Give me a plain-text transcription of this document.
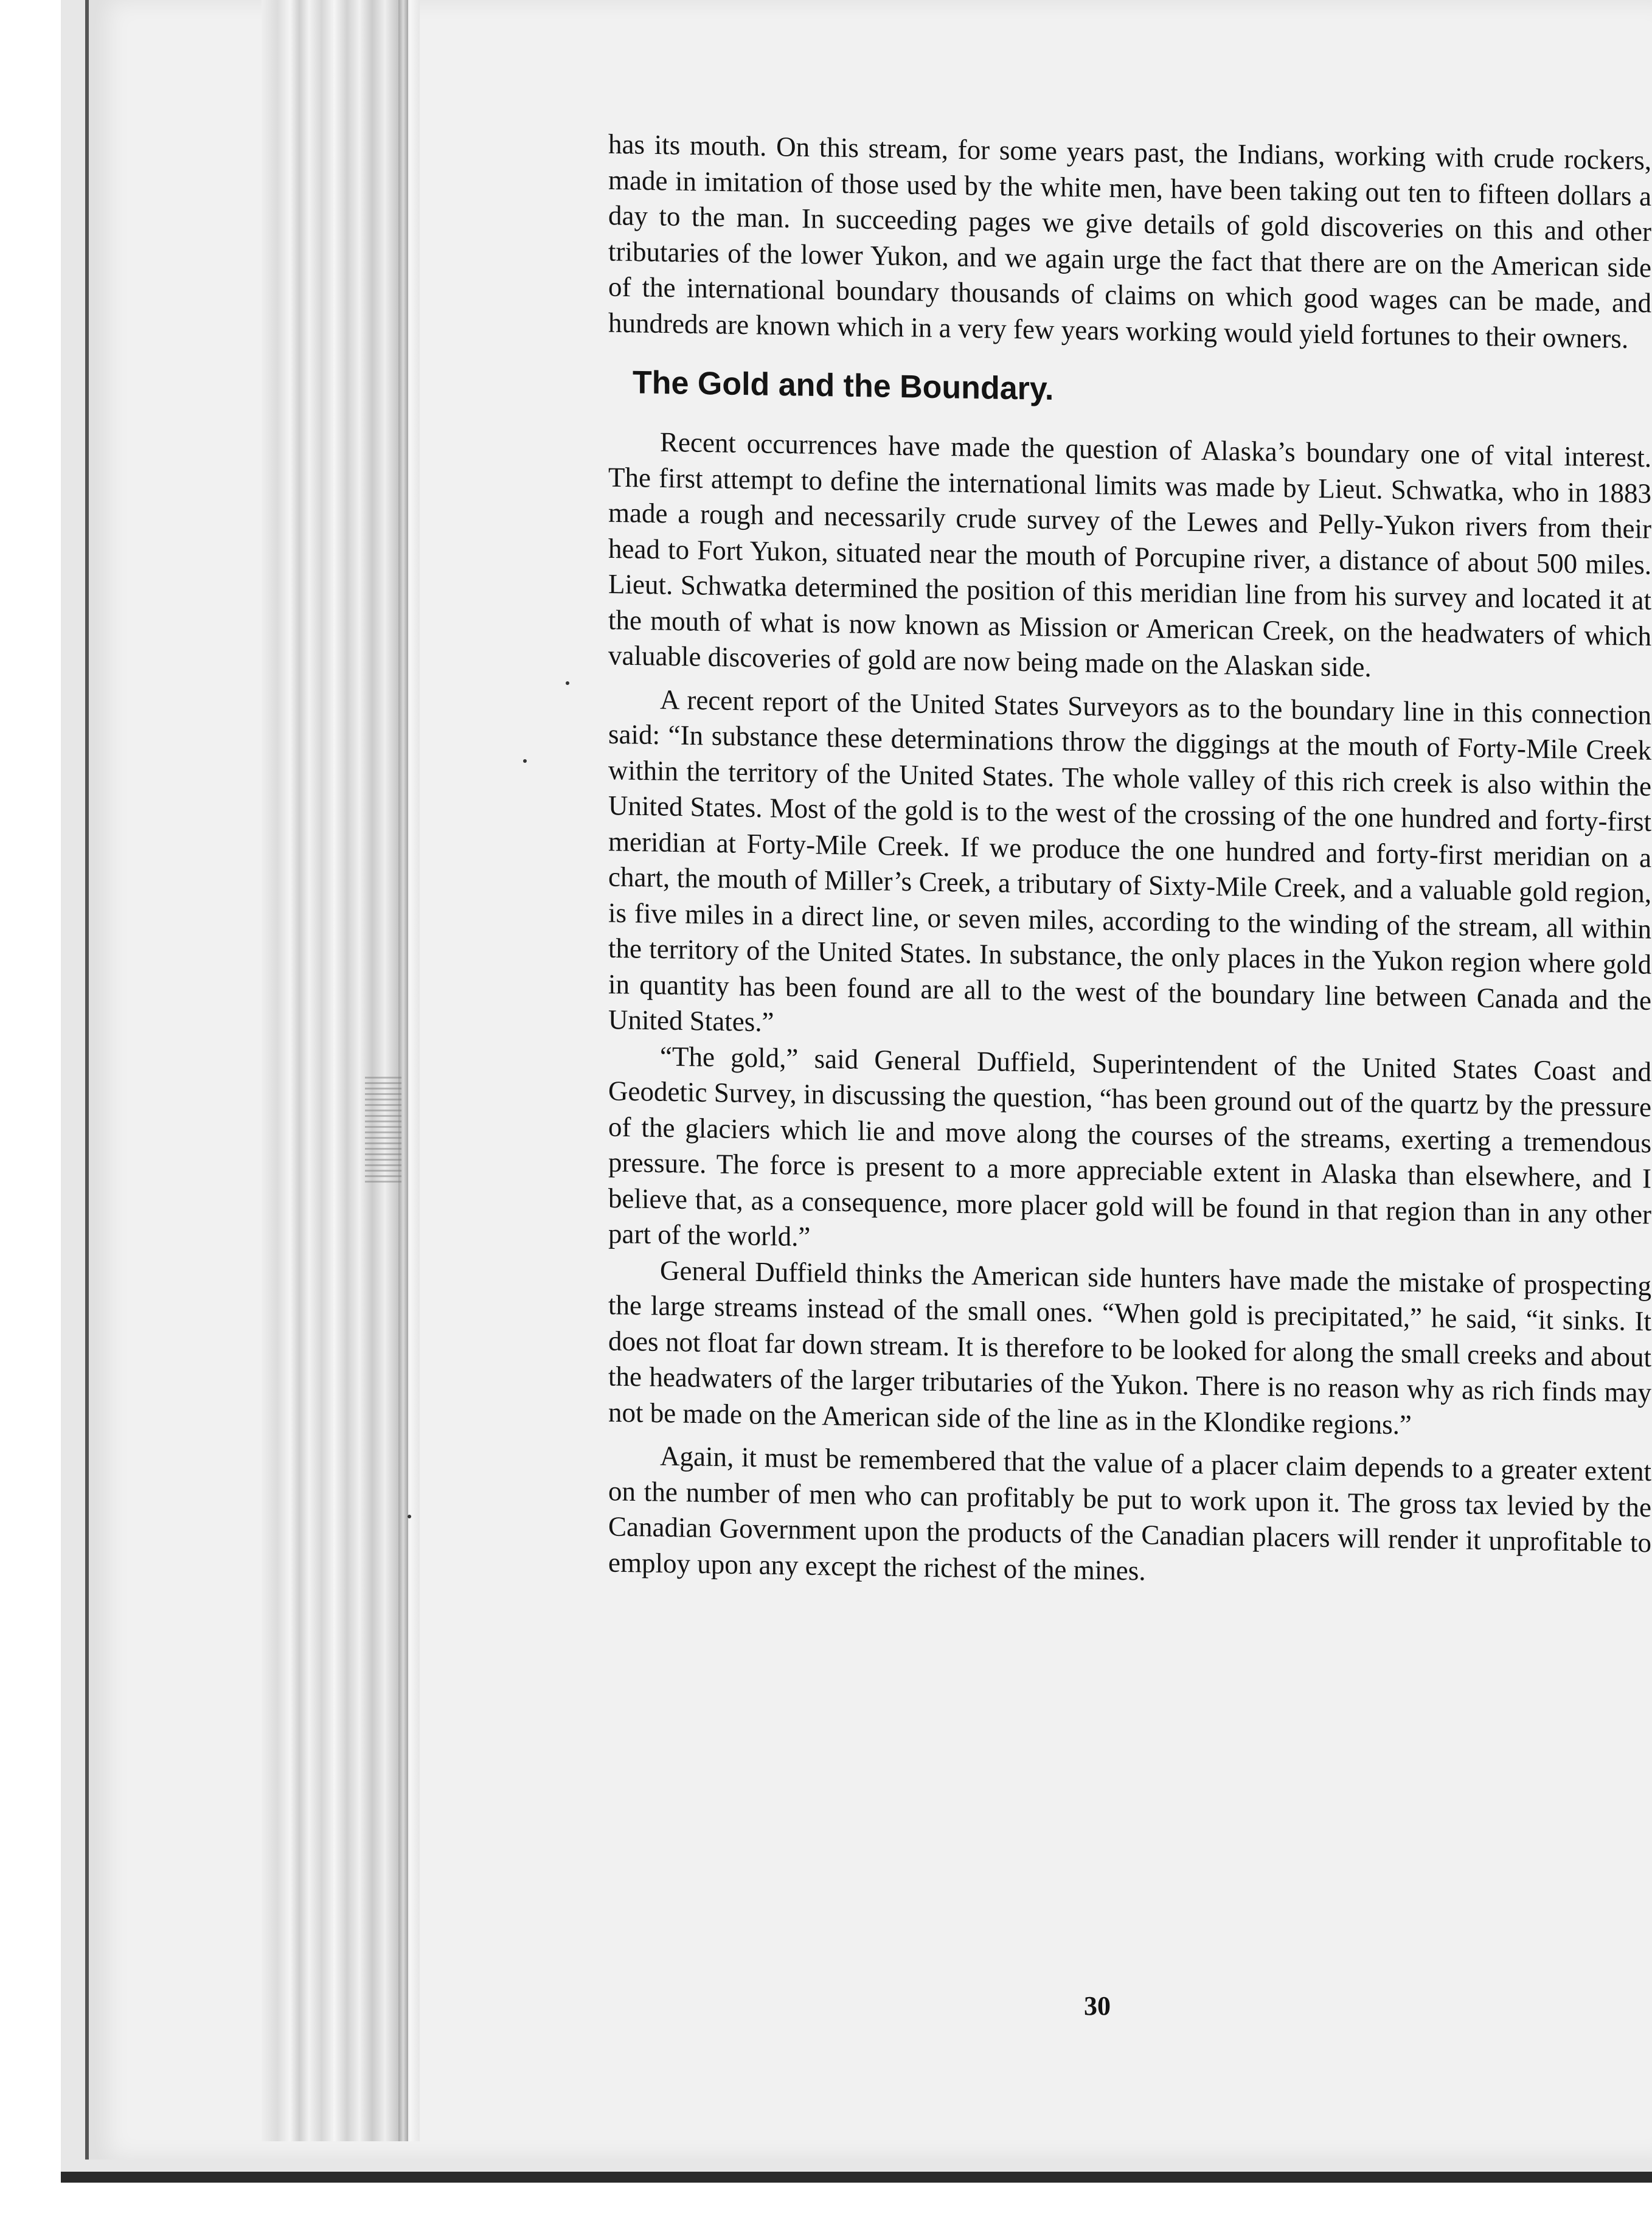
has its mouth. On this stream, for some years past, the Indians, working with crude rockers, made in imitation of those used by the white men, have been taking out ten to fifteen dollars a day to the man. In succeeding pages we give details of gold discoveries on this and other tributaries of the lower Yukon, and we again urge the fact that there are on the American side of the international boundary thousands of claims on which good wages can be made, and hundreds are known which in a very few years working would yield fortunes to their owners.

The Gold and the Boundary.

Recent occurrences have made the question of Alaska’s boundary one of vital interest. The first attempt to define the international limits was made by Lieut. Schwatka, who in 1883 made a rough and necessarily crude survey of the Lewes and Pelly-Yukon rivers from their head to Fort Yukon, situated near the mouth of Porcupine river, a distance of about 500 miles. Lieut. Schwatka determined the position of this meridian line from his survey and located it at the mouth of what is now known as Mission or American Creek, on the headwaters of which valuable discoveries of gold are now being made on the Alaskan side.

A recent report of the United States Surveyors as to the boundary line in this connection said: “In substance these determinations throw the diggings at the mouth of Forty-Mile Creek within the territory of the United States. The whole valley of this rich creek is also within the United States. Most of the gold is to the west of the crossing of the one hundred and forty-first meridian at Forty-Mile Creek. If we produce the one hundred and forty-first meridian on a chart, the mouth of Miller’s Creek, a tributary of Sixty-Mile Creek, and a valuable gold region, is five miles in a direct line, or seven miles, according to the winding of the stream, all within the territory of the United States. In substance, the only places in the Yukon region where gold in quantity has been found are all to the west of the boundary line between Canada and the United States.”

“The gold,” said General Duffield, Superintendent of the United States Coast and Geodetic Survey, in discussing the question, “has been ground out of the quartz by the pressure of the glaciers which lie and move along the courses of the streams, exerting a tremendous pressure. The force is present to a more appreciable extent in Alaska than elsewhere, and I believe that, as a consequence, more placer gold will be found in that region than in any other part of the world.”

General Duffield thinks the American side hunters have made the mistake of prospecting the large streams instead of the small ones. “When gold is precipitated,” he said, “it sinks. It does not float far down stream. It is therefore to be looked for along the small creeks and about the headwaters of the larger tributaries of the Yukon. There is no reason why as rich finds may not be made on the American side of the line as in the Klondike regions.”

Again, it must be remembered that the value of a placer claim depends to a greater extent on the number of men who can profitably be put to work upon it. The gross tax levied by the Canadian Government upon the products of the Canadian placers will render it unprofitable to employ upon any except the richest of the mines.

30
